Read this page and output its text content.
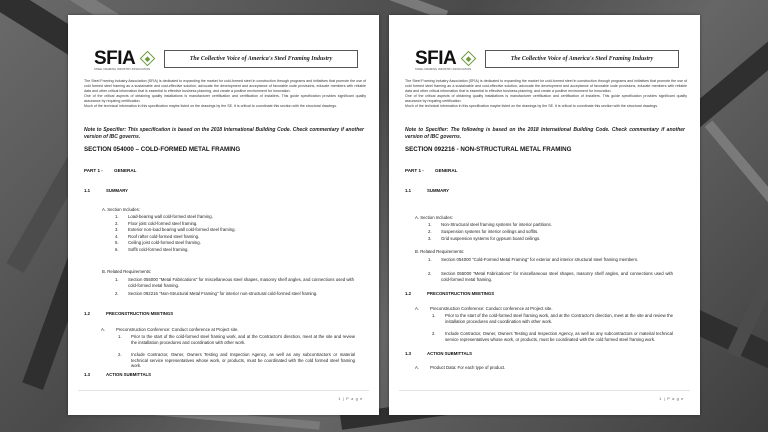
SFIA
STEEL FRAMING INDUSTRY ASSOCIATION
The Collective Voice of America's Steel Framing Industry
The Steel Framing Industry Association (SFIA) is dedicated to expanding the market for cold-formed steel in construction through programs and initiatives that promote the use of cold formed steel framing as a sustainable and cost-effective solution, advocate the development and acceptance of favorable code provisions, educate members with reliable data and other critical information that is essential to effective business planning, and create a positive environment for innovation.
One of the critical aspects of obtaining quality installations is manufacturer certification and certification of installers. This guide specification provides significant quality assurance by requiring certification.
Much of the technical information in this specification maybe listed on the drawings by the SE. It is critical to coordinate this section with the structural drawings.
Note to Specifier: This specification is based on the 2018 International Building Code. Check commentary if another version of IBC governs.
SECTION 054000 – COLD-FORMED METAL FRAMING
PART 1 - GENERAL
1.1	SUMMARY
A. Section Includes:
1. Load-bearing wall cold-formed steel framing.
2. Floor joist cold-formed steel framing.
3. Exterior non-load bearing wall cold-formed steel framing.
4. Roof rafter cold-formed steel framing.
5. Ceiling joist cold-formed steel framing.
6. Soffit cold-formed steel framing.
B. Related Requirements:
1. Section 055000 "Metal Fabrications" for miscellaneous steel shapes, masonry shelf angles, and connections used with cold-formed metal framing.
2. Section 092216 "Non-Structural Metal Framing" for interior non-structural cold-formed steel framing.
1.2	PRECONSTRUCTION MEETINGS
A.	Preconstruction Conference: Conduct conference at Project site.
1. Prior to the start of the cold-formed steel framing work, and at the Contractor's direction, meet at the site and review the installation procedures and coordination with other work.
2. Include Contractor, Owner, Owners Testing and Inspection Agency, as well as any subcontractors or material technical service representatives whose work, or products, must be coordinated with the cold formed steel framing work.
1.3	ACTION SUBMITTALS
1 | P a g e
SFIA
STEEL FRAMING INDUSTRY ASSOCIATION
The Collective Voice of America's Steel Framing Industry
The Steel Framing Industry Association (SFIA) is dedicated to expanding the market for cold-formed steel in construction through programs and initiatives that promote the use of cold formed steel framing as a sustainable and cost-effective solution, advocate the development and acceptance of favorable code provisions, educate members with reliable data and other critical information that is essential to effective business planning, and create a positive environment for innovation.
One of the critical aspects of obtaining quality installations is manufacturer certification and certification of installers. This guide specification provides significant quality assurance by requiring certification.
Much of the technical information in this specification maybe listed on the drawings by the SE. It is critical to coordinate this section with the structural drawings.
Note to Specifier: The following is based on the 2018 International Building Code. Check commentary if another version of IBC governs.
SECTION 092216 - NON-STRUCTURAL METAL FRAMING
PART 1 - GENERAL
1.1	SUMMARY
A. Section Includes:
1. Non-Structural steel framing systems for interior partitions.
2. Suspension systems for interior ceilings and soffits.
3. Grid suspension systems for gypsum board ceilings.
B. Related Requirements:
1. Section 054000 "Cold-Formed Metal Framing" for exterior and interior structural steel framing members.
2. Section 055000 "Metal Fabrications" for miscellaneous steel shapes, masonry shelf angles, and connections used with cold-formed metal framing.
1.2	PRECONSTRUCTION MEETINGS
A.	Preconstruction Conference: Conduct conference at Project site.
1. Prior to the start of the cold-formed steel framing work, and at the Contractor's direction, meet at the site and review the installation procedures and coordination with other work.
2. Include Contractor, Owner, Owners Testing and Inspection Agency, as well as any subcontractors or material technical service representatives whose work, or products, must be coordinated with the cold formed steel framing work.
1.3	ACTION SUBMITTALS
A.	Product Data: For each type of product.
1 | P a g e
